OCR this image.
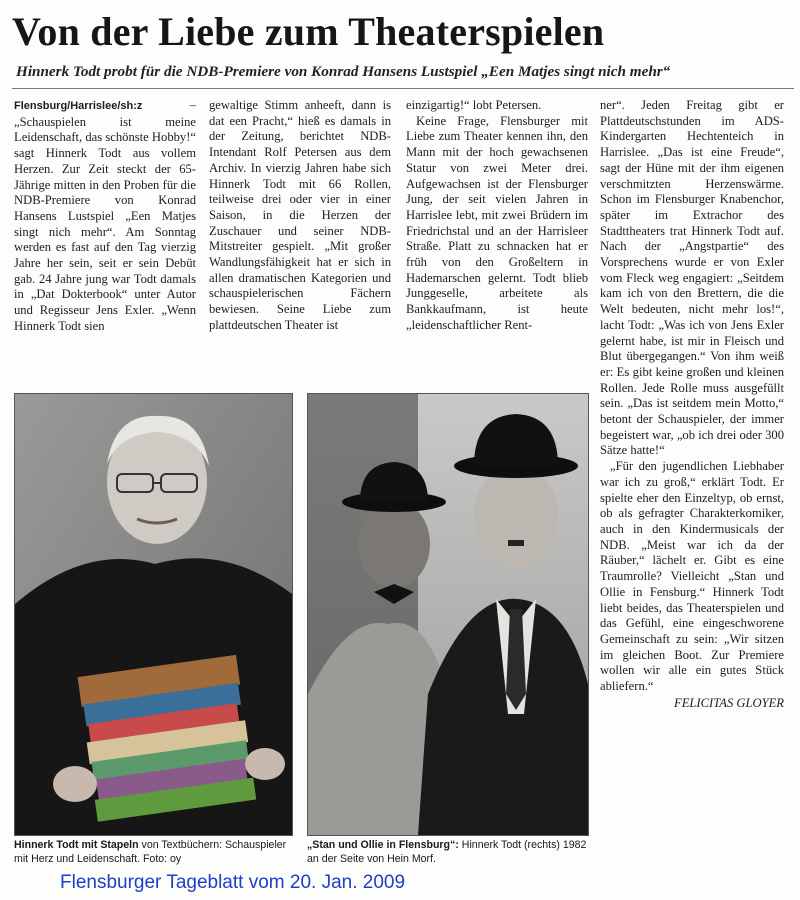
Von der Liebe zum Theaterspielen
Hinnerk Todt probt für die NDB-Premiere von Konrad Hansens Lustspiel „Een Matjes singt nich mehr“

Flensburg/Harrislee/sh:z – „Schauspielen ist meine Leidenschaft, das schönste Hobby!“ sagt Hinnerk Todt aus vollem Herzen. Zur Zeit steckt der 65-Jährige mitten in den Proben für die NDB-Premiere von Konrad Hansens Lustspiel „Een Matjes singt nich mehr“. Am Sonntag werden es fast auf den Tag vierzig Jahre her sein, seit er sein Debüt gab. 24 Jahre jung war Todt damals in „Dat Dokterbook“ unter Autor und Regisseur Jens Exler. „Wenn Hinnerk Todt sien

gewaltige Stimm anheeft, dann is dat een Pracht,“ hieß es damals in der Zeitung, berichtet NDB-Intendant Rolf Petersen aus dem Archiv. In vierzig Jahren habe sich Hinnerk Todt mit 66 Rollen, teilweise drei oder vier in einer Saison, in die Herzen der Zuschauer und seiner NDB-Mitstreiter gespielt. „Mit großer Wandlungsfähigkeit hat er sich in allen dramatischen Kategorien und schauspielerischen Fächern bewiesen. Seine Liebe zum plattdeutschen Theater ist

einzigartig!“ lobt Petersen.

Keine Frage, Flensburger mit Liebe zum Theater kennen ihn, den Mann mit der hoch gewachsenen Statur von zwei Meter drei. Aufgewachsen ist der Flensburger Jung, der seit vielen Jahren in Harrislee lebt, mit zwei Brüdern im Friedrichstal und an der Harrisleer Straße. Platt zu schnacken hat er früh von den Großeltern in Hademarschen gelernt. Todt blieb Junggeselle, arbeitete als Bankkaufmann, ist heute „leidenschaftlicher Rent-

ner“. Jeden Freitag gibt er Plattdeutschstunden im ADS-Kindergarten Hechtenteich in Harrislee. „Das ist eine Freude“, sagt der Hüne mit der ihm eigenen verschmitzten Herzenswärme. Schon im Flensburger Knabenchor, später im Extrachor des Stadttheaters trat Hinnerk Todt auf. Nach der „Angstpartie“ des Vorsprechens wurde er von Exler vom Fleck weg engagiert: „Seitdem kam ich von den Brettern, die die Welt bedeuten, nicht mehr los!“, lacht Todt: „Was ich von Jens Exler gelernt habe, ist mir in Fleisch und Blut übergegangen.“ Von ihm weiß er: Es gibt keine großen und kleinen Rollen. Jede Rolle muss ausgefüllt sein. „Das ist seitdem mein Motto,“ betont der Schauspieler, der immer begeistert war, „ob ich drei oder 300 Sätze hatte!“

„Für den jugendlichen Liebhaber war ich zu groß,“ erklärt Todt. Er spielte eher den Einzeltyp, ob ernst, ob als gefragter Charakterkomiker, auch in den Kindermusicals der NDB. „Meist war ich da der Räuber,“ lächelt er. Gibt es eine Traumrolle? Vielleicht „Stan und Ollie in Fensburg.“ Hinnerk Todt liebt beides, das Theaterspielen und das Gefühl, eine eingeschworene Gemeinschaft zu sein: „Wir sitzen im gleichen Boot. Zur Premiere wollen wir alle ein gutes Stück abliefern.“

FELICITAS GLOYER

Hinnerk Todt mit Stapeln von Textbüchern: Schauspieler mit Herz und Leidenschaft. Foto: oy
„Stan und Ollie in Flensburg“: Hinnerk Todt (rechts) 1982 an der Seite von Hein Morf.
Flensburger Tageblatt vom 20. Jan. 2009
